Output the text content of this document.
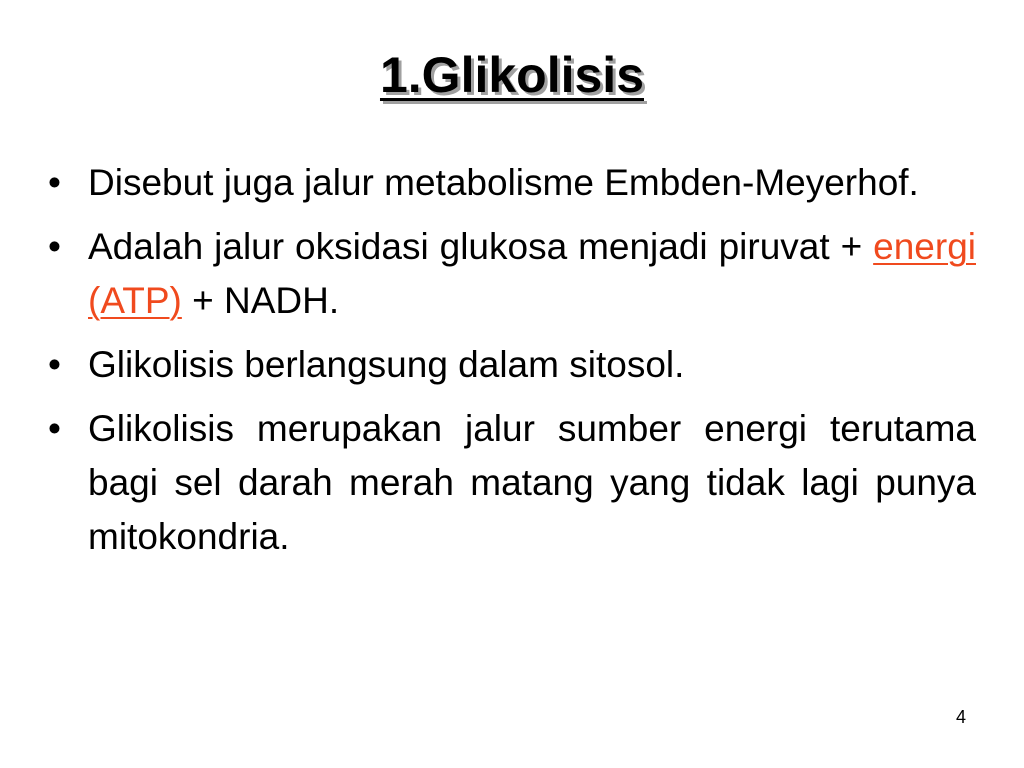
1.Glikolisis
• Disebut juga jalur metabolisme Embden-Meyerhof.
• Adalah jalur oksidasi glukosa menjadi piruvat + energi (ATP) + NADH.
• Glikolisis berlangsung dalam sitosol.
• Glikolisis merupakan jalur sumber energi terutama bagi sel darah merah matang yang tidak lagi punya mitokondria.
4
